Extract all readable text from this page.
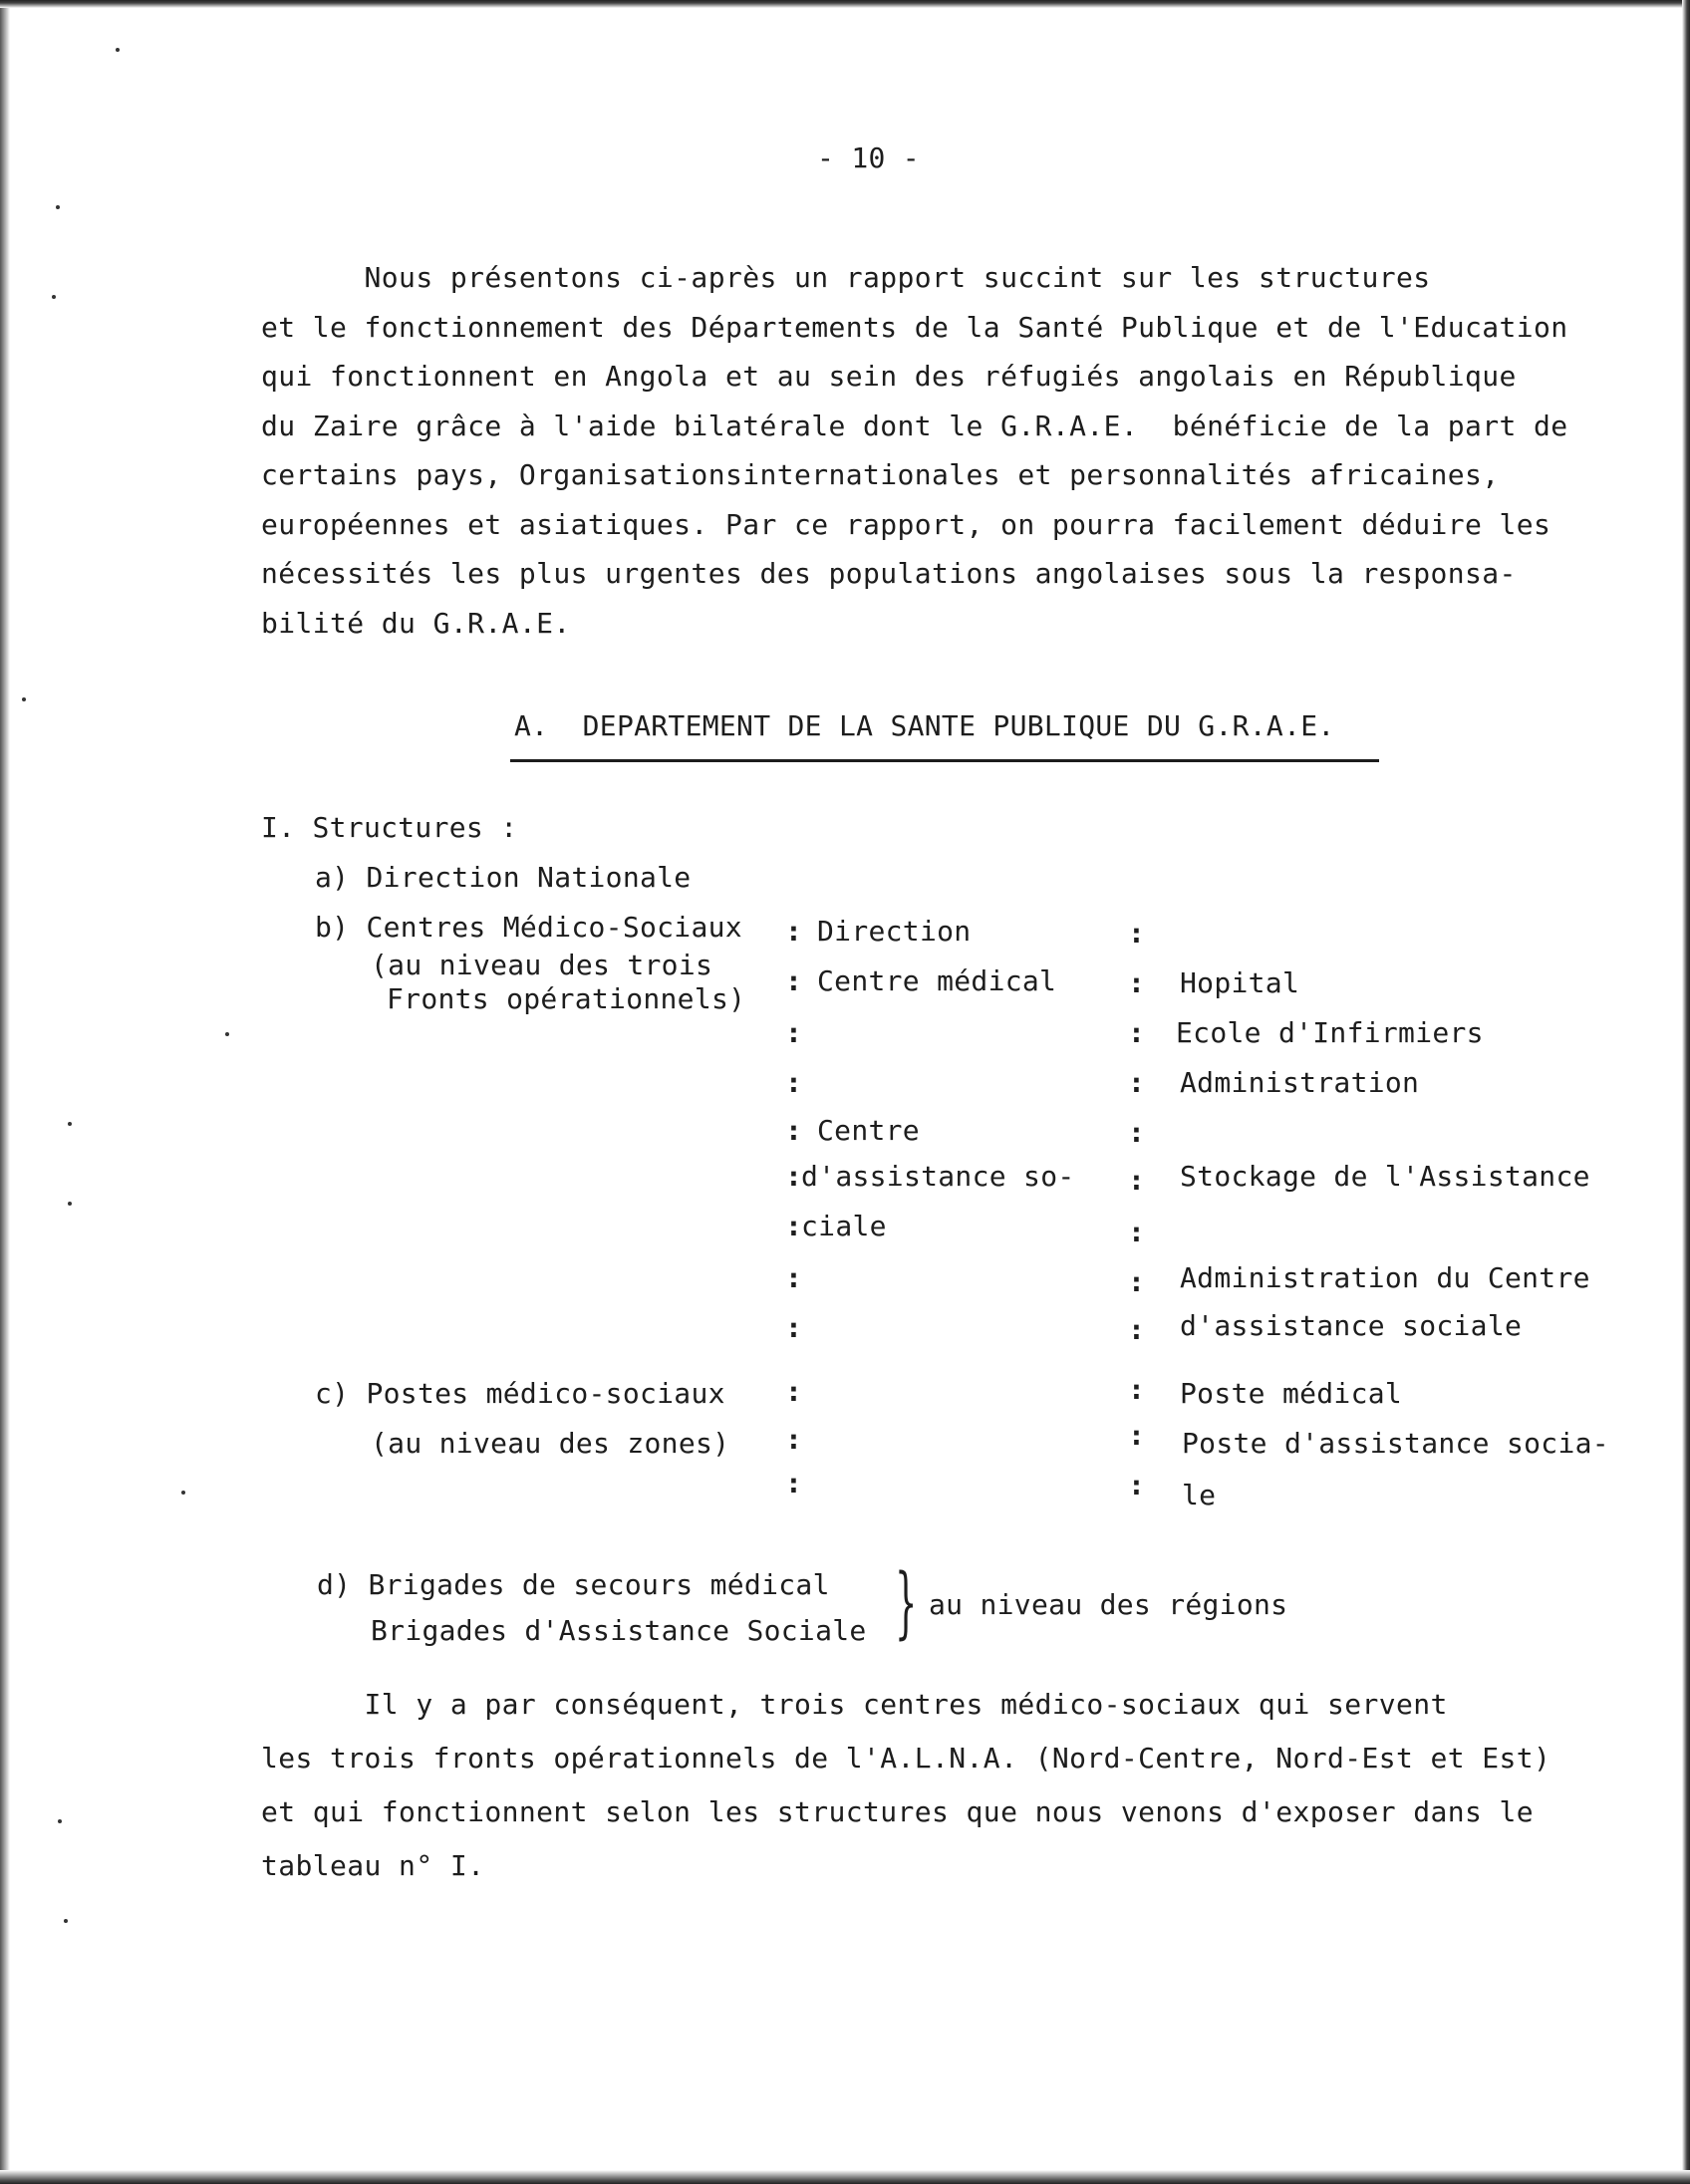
- 10 -
Nous présentons ci-après un rapport succint sur les structures
et le fonctionnement des Départements de la Santé Publique et de l'Education
qui fonctionnent en Angola et au sein des réfugiés angolais en République
du Zaire grâce à l'aide bilatérale dont le G.R.A.E.  bénéficie de la part de
certains pays, Organisationsinternationales et personnalités africaines,
européennes et asiatiques. Par ce rapport, on pourra facilement déduire les
nécessités les plus urgentes des populations angolaises sous la responsa-
bilité du G.R.A.E.
A.  DEPARTEMENT DE LA SANTE PUBLIQUE DU G.R.A.E.
I. Structures :
a) Direction Nationale
b) Centres Médico-Sociaux
(au niveau des trois
Fronts opérationnels)
Direction
Centre médical
Centre
d'assistance so-
ciale
Hopital
Ecole d'Infirmiers
Administration
Stockage de l'Assistance
Administration du Centre
d'assistance sociale
c) Postes médico-sociaux
(au niveau des zones)
Poste médical
Poste d'assistance socia-
le
:
:
:
:
:
:
:
:
:
:
:
:
:
:
:
:
:
:
:
:
:
:
:
:
d) Brigades de secours médical
Brigades d'Assistance Sociale } au niveau des régions
Il y a par conséquent, trois centres médico-sociaux qui servent
les trois fronts opérationnels de l'A.L.N.A. (Nord-Centre, Nord-Est et Est)
et qui fonctionnent selon les structures que nous venons d'exposer dans le
tableau n° I.
